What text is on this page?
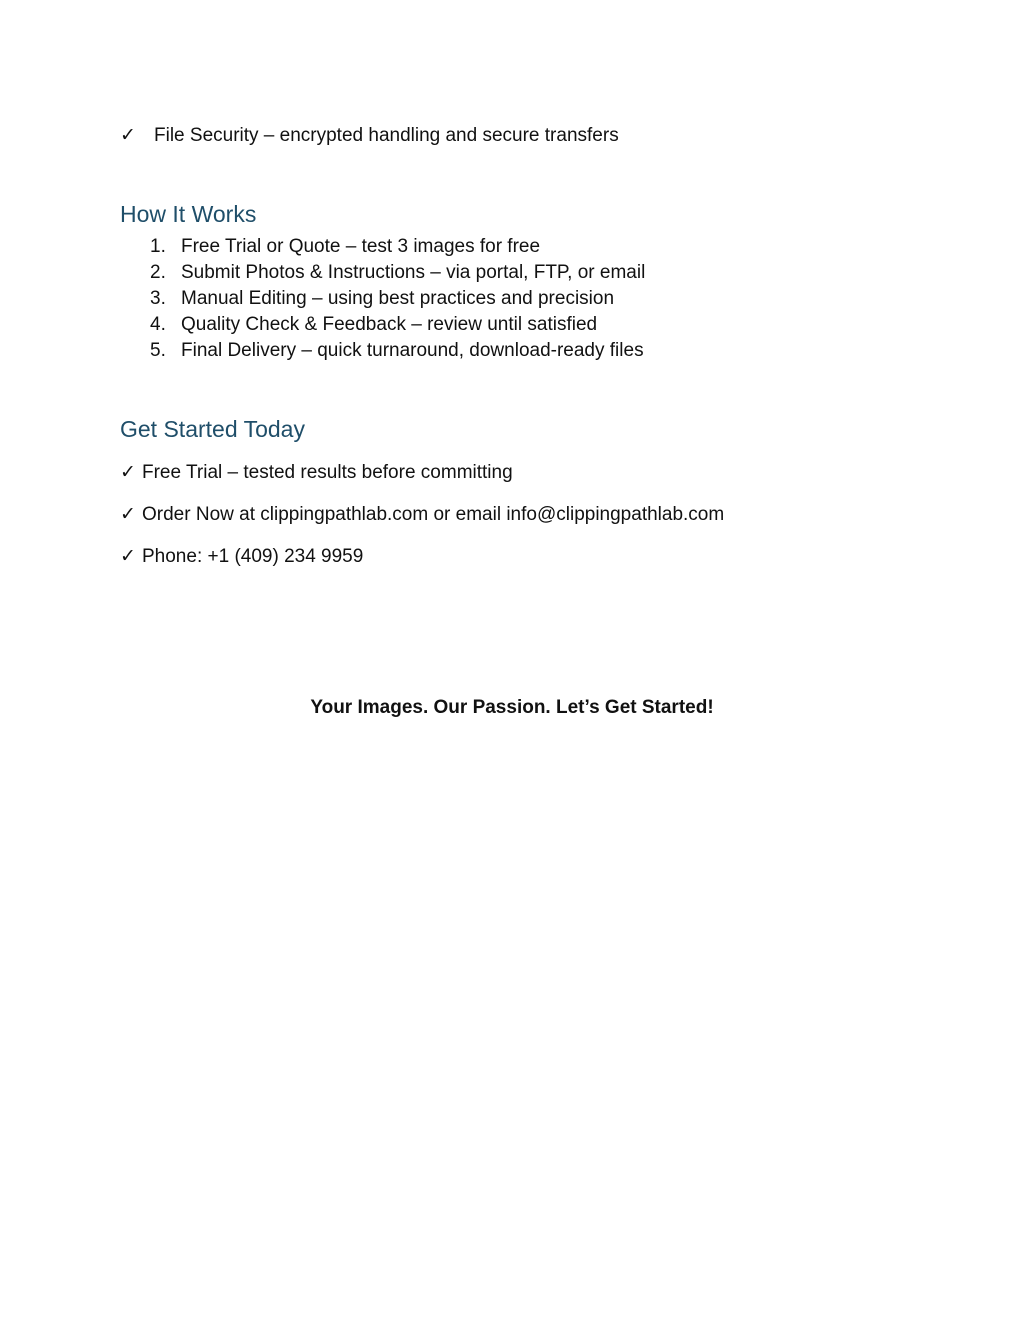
✓ File Security – encrypted handling and secure transfers
How It Works
1. Free Trial or Quote – test 3 images for free
2. Submit Photos & Instructions – via portal, FTP, or email
3. Manual Editing – using best practices and precision
4. Quality Check & Feedback – review until satisfied
5. Final Delivery – quick turnaround, download-ready files
Get Started Today
✓ Free Trial – tested results before committing
✓ Order Now at clippingpathlab.com or email info@clippingpathlab.com
✓ Phone: +1 (409) 234 9959
Your Images. Our Passion. Let’s Get Started!
